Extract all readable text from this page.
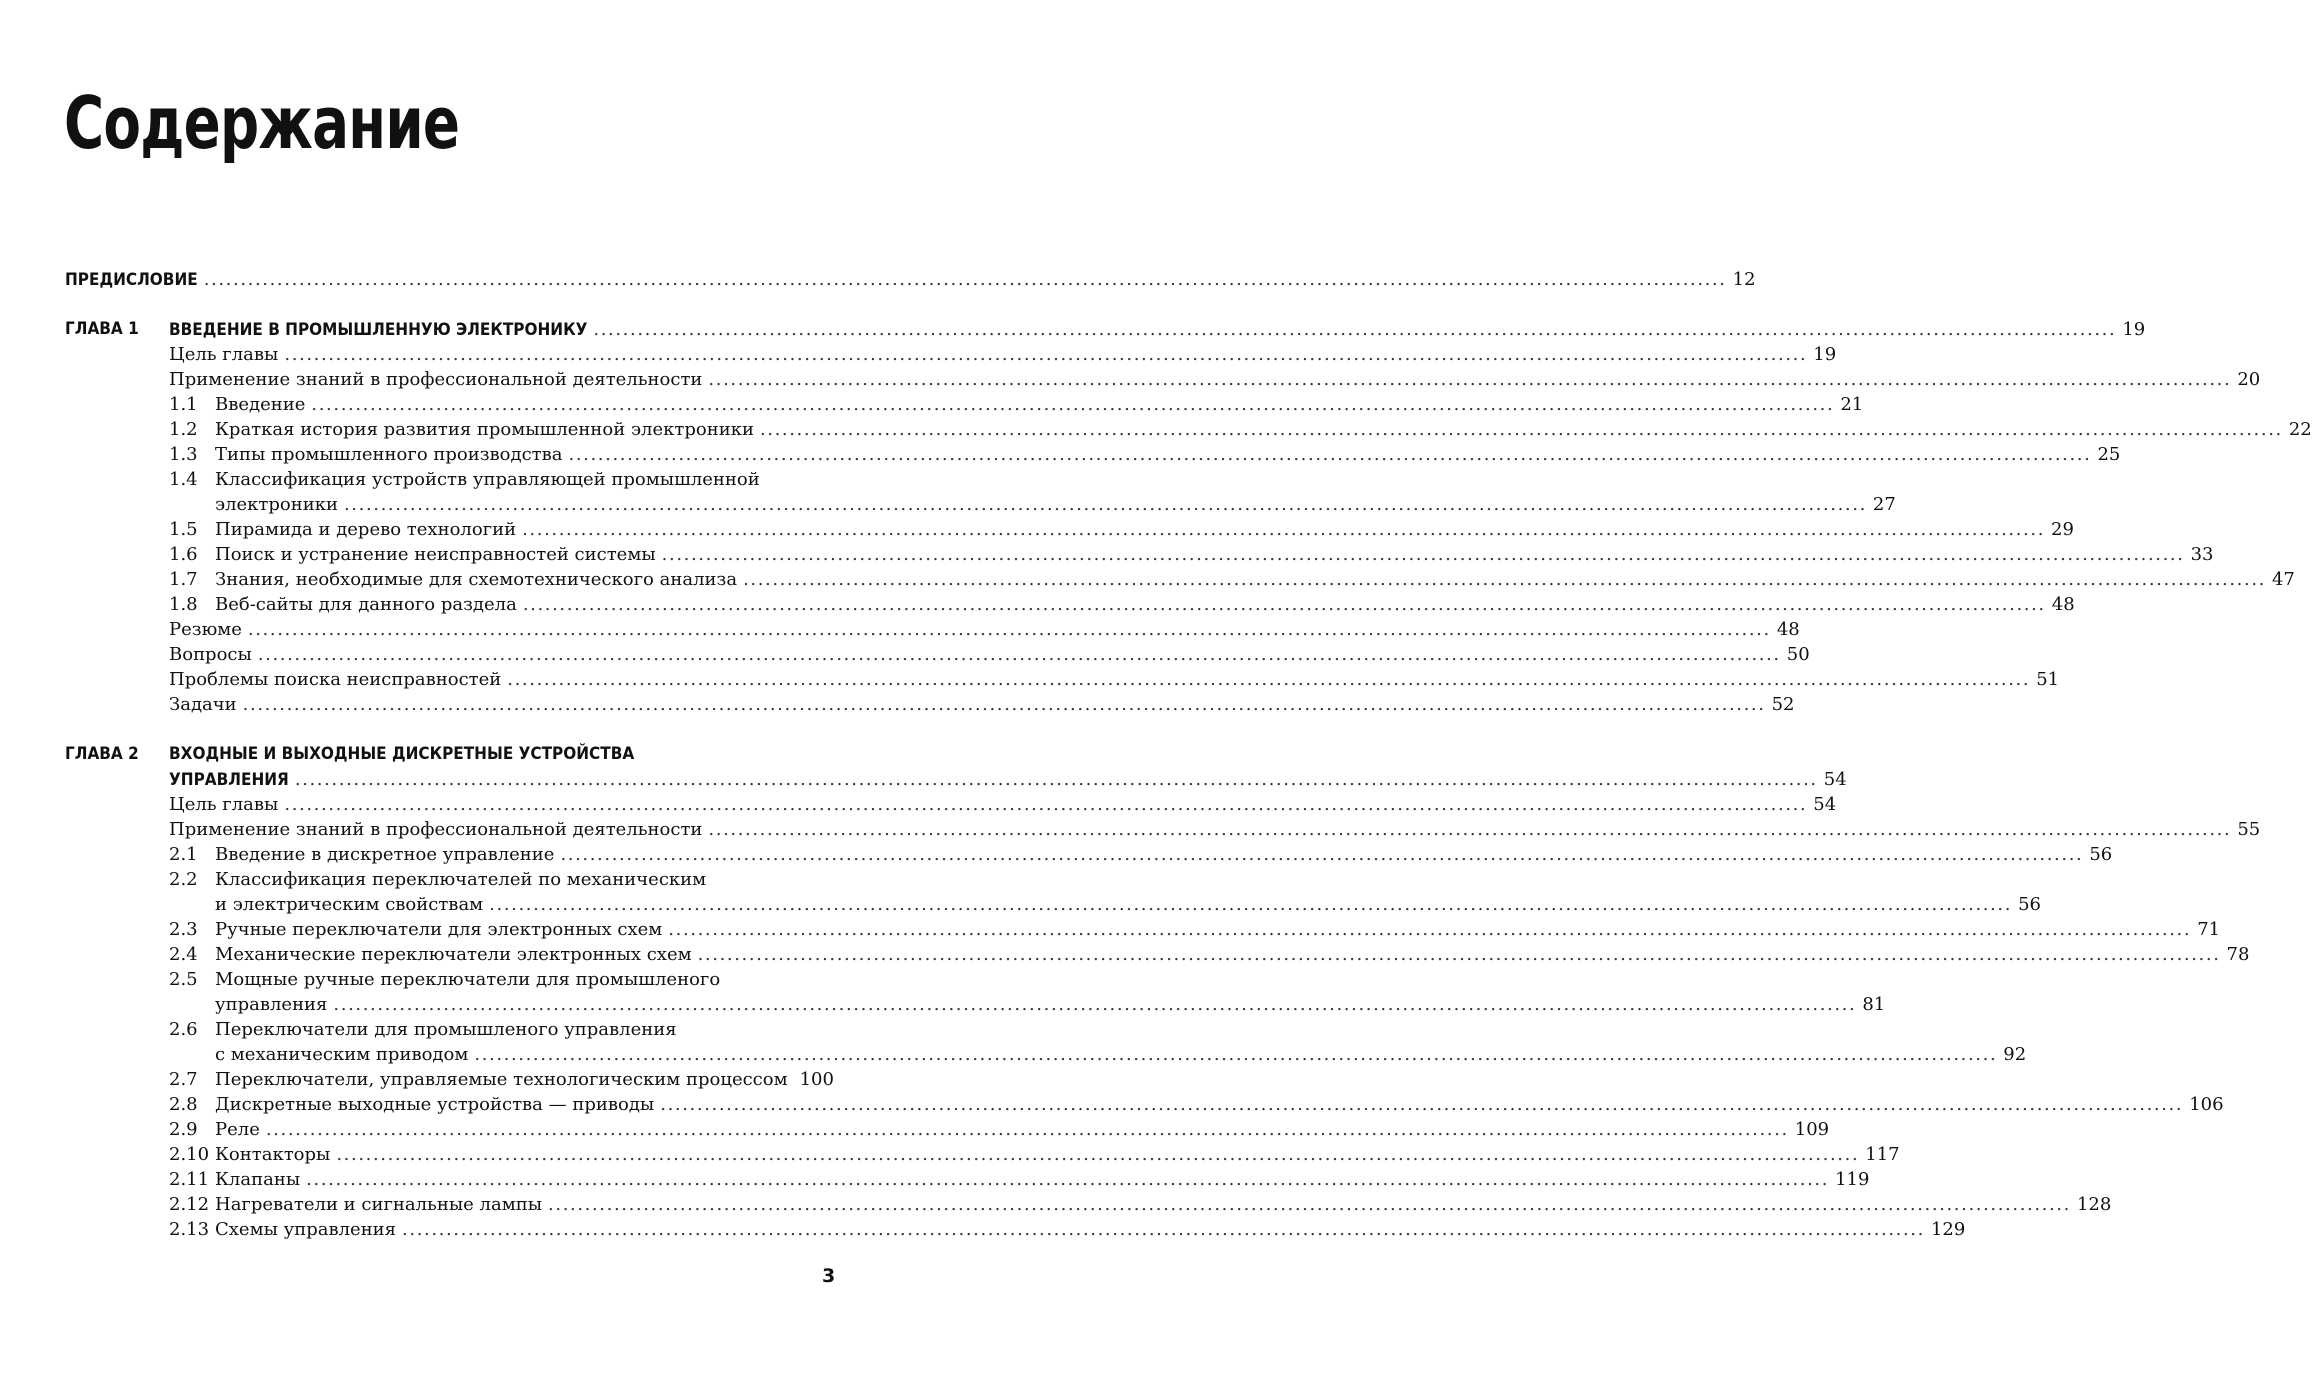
Содержание
ПРЕДИСЛОВИЕ .....	12
ГЛАВА 1 ВВЕДЕНИЕ В ПРОМЫШЛЕННУЮ ЭЛЕКТРОНИКУ .....	19
Цель главы .....	19
Применение знаний в профессиональной деятельности .....	20
1.1 Введение .....	21
1.2 Краткая история развития промышленной электроники .....	22
1.3 Типы промышленного производства .....	25
1.4 Классификация устройств управляющей промышленной
электроники .....	27
1.5 Пирамида и дерево технологий .....	29
1.6 Поиск и устранение неисправностей системы .....	33
1.7 Знания, необходимые для схемотехнического анализа .....	47
1.8 Веб-сайты для данного раздела .....	48
Резюме .....	48
Вопросы .....	50
Проблемы поиска неисправностей .....	51
Задачи .....	52
ГЛАВА 2 ВХОДНЫЕ И ВЫХОДНЫЕ ДИСКРЕТНЫЕ УСТРОЙСТВА
УПРАВЛЕНИЯ .....	54
Цель главы .....	54
Применение знаний в профессиональной деятельности .....	55
2.1 Введение в дискретное управление .....	56
2.2 Классификация переключателей по механическим
и электрическим свойствам .....	56
2.3 Ручные переключатели для электронных схем .....	71
2.4 Механические переключатели электронных схем .....	78
2.5 Мощные ручные переключатели для промышленого
управления .....	81
2.6 Переключатели для промышленого управления
с механическим приводом .....	92
2.7 Переключатели, управляемые технологическим процессом 100
2.8 Дискретные выходные устройства — приводы .....	106
2.9 Реле .....	109
2.10 Контакторы .....	117
2.11 Клапаны .....	119
2.12 Нагреватели и сигнальные лампы .....	128
2.13 Схемы управления .....	129
3
